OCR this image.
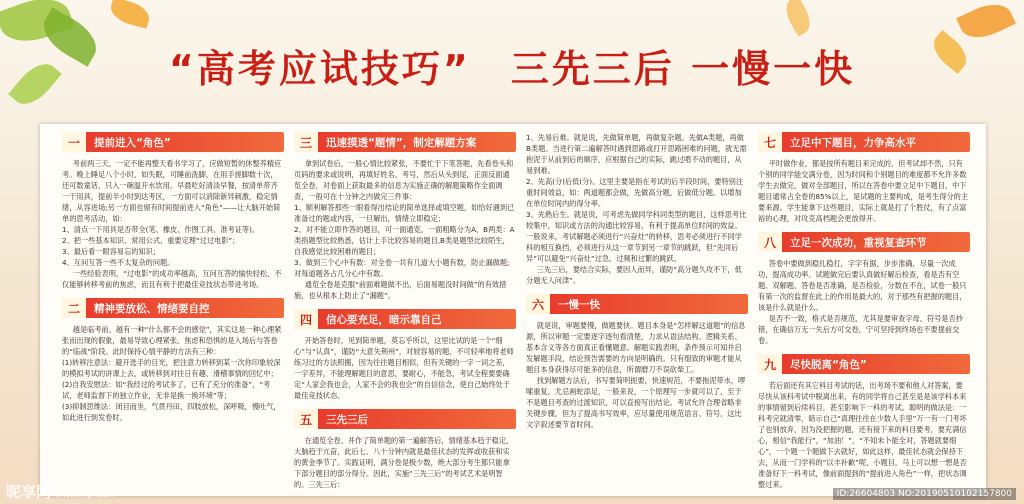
“高考应试技巧” 三先三后 一慢一快
一	提前进入“角色”

考前两三天，一定不能再整天看书学习了，应做短暂的休整养精应考。晚上睡足八个小时，如失眠，可睡前洗脚，在用手搓脚数十次，还可数童话，只入一碗温开水饮用。早晨吃好清淡早餐，按清单带齐一干用具，提前半小时到达考区，一方面可以消除新异刺激，稳定情绪，从容进场;另一方面也留有时间提前进入“角色”——让大脑开始简单的思考活动，如：

1、清点一下用具是否带全(笔、橡皮、作图工具、准考证等)。

2、把一些基本知识、常用公式、重要定理“过过电影”；

3、最后看一眼容易忘的知识；

4、互问互答一些不太复杂的问题。

一些经验表明，“过电影”的成功率越高，互问互答的愉快轻松，不仅能够转移考前的焦虑，而且有利于把最佳竞技状态带进考场。

二	精神要放松、情绪要自控

越是临考前，越有一种“什么都不会的感觉”，其实这是一种心理紧张而出现的假象，最易导致心理紧张、焦虑和恐惧的是入场后与答卷的“临战”阶段。此时保持心情平静的方法有三种：

(1)转移注意法：避开选手的目光，把注意力转移到某一次你印象较深的模拟考试的讲课上去，或转移到对往日有趣、滑稽事情的回忆中；

(2)自我安慰法：如“我经过的考试多了，已有了充分的准备”，“考试，老师监督下的独立作业，无非是换一换环境”等；

(3)抑制思维法：闭目而坐，气贯丹田，四肢放松，深呼吸，慢吐气，如此进行到发卷时。

三	迅速摸透“题情”，制定解题方案

拿到试卷后，一般心情比较紧张，不要忙于下笔答题，先看卷头和页码的要求或说明，再填好姓名、考号，然后从头到尾，正面反面通览全卷，对卷面上获取最多的信息为实施正确的解题策略作全面调查，一般可在十分钟之内做完三件事：

1、顺利解答那些一眼看得出结论的简单选择或填空题，如恰好遇到已准备过的题或内容，一旦解出，情绪立即稳定；

2、对不能立即作答的题目，可一面通览，一面粗略分为A、B两类：A类指题型比较熟悉，估计上手比较容易的题目,B类是题型比较陌生，自我感觉比较困难的题目；

3、做到三个心中有数：对全卷一共有几道大小题有数，防止漏做题;对每道题各占几分心中有数。

通览全卷是克服“前面难题做不出，后面易题没时间做”的有效措施，也从根本上防止了“漏题”。

四	信心要充足，暗示靠自己

开始答卷时，见到简单题，莫忘乎所以，这里比试的是一个“细心”与“认真”，谨防“大意失荆州”，对较容易的题，不可轻率地将老师练习过的方法照搬，因为往往题目相似，但有关键的一字一词之差，一字差异，不能理解题目的意思，要耐心，不能急，考试全程要要确定“人家会我也会，人家不会的我也会”的自信信念，使自己始终处于最佳竞技状态。

五	三先三后

在通览全卷、并作了简单题的第一遍解答后，情绪基本趋于稳定，大脑趋于亢奋，此后七、八十分钟内就是最佳状态的发挥或收获和实的黄金季节了。实践证明，满分卷是极少数，绝大部分考生都只能拿下部分题目的部分得分。因此，实施“三先三后”的考试艺术是明智的。三先三后：

1、先易后难。就是说，先做简单题，再做复杂题。先做A类题，再做B类题。当进行第二遍解答时遇到思路或打开思路困难的问题，就无需抱泥于从前到后的顺序，应根据自己的实际，跳过啃不动的题目，从易到难。

2、先高(分)后低(分)。这里主要是指在考试的后半段时间，要特别注重时间效益，如：两道题都会做，先做高分题，后做低分题。以增加在单位时间内的得分率。

3、先熟后生。就是说，可考虑先做同学科同类型的题目，这样思考比较集中，知识或方法的沟通比较容易，有利于提高单位时间的效益。一般说来，考试解题必须进行“兴奋灶”的转移，思考必须进行不同学科的相互换挡，必须进行从这一章节到另一章节的跳跃，但“先同后异”可以避免“兴奋灶”过急、过频和过繁的跳跃。

三先三后，要结合实际，要因人而异，谨防“高分题久攻不下，低分题无人问津”。

六	一慢一快

就是说，审题要慢，做题要快。题目本身是“怎样解这道题”的信息源，所以审题一定要逐字逐句看清楚，力求从语法结构、逻辑关系、基本含义等各方面真正看懂题意。解题实践表明，条件预示可知并启发解题手段，结论预告需要的方向是明确的。只有细致的审题才能从题目本身获得尽可能多的信息，所谓磨刀不误砍柴工。

找到解题方法后，书写要简明扼要，快速规范，不要拖泥带水，啰嗦重复，尤忌画蛇添足，一般来说，一个原理写一步就可以了，至于不是题目考查的过渡知识，可以直接写出结论。考试允许合理省略非关键步骤，但为了提高书写效率，应尽量使用规范语言、符号，这比文字叙述要节省时间。

七	立足中下题目，力争高水平

平时做作业，都是按所有题目来完成的，但考试却不然，只有个别的同学能交满分卷，因为时间和个别题目的难度都不允许多数学生去做完，做对全部题目，所以在答卷中要立足中下题目，中下题目通常占全卷的85%以上，是试题的主要构成，是考生得分的主要来源。学生能拿下这些题目，实际上就是打了个胜仗，有了点富裕的心理，对攻克高档题会更放得开。

八	立足一次成功，重视复查环节

答卷中要做到稳扎稳打，字字有据，步步准确，尽量一次成功，提高成功率。试题做完后要认真做好解后检查，看是否有空题、双解题，答卷是否准确，是否检验，分数在不在，试卷一般只有第一次的监督在此上的作用是最大的，对于那些有把握的题目，该是什么就是什么。

是否不一致，格式是否规范，尤其是要审查字母、符号是否抄错，在确信万无一失后方可交卷，宁可坚持到终场也不要提前交卷。

九	尽快脱离“角色”

若后面还有其它科目考试的话，出考场不要和他人对答案，要尽快从该科考试中脱离出来，有的同学将自己甚至是是该学科本来的事情留到后续科目，甚至影响下一科的考试。聪明的做法是：一科考完就清零，暗示自己“真理往往在少数人手里”万一有一门考坏了也别放弃，因为没把握的题，还有接下来的科目要考，要充满信心，相信“我能行”，“加油！”，“不知未卜能全对，答题就要细心”，一个题一个题做下去就好，如此这样，最佳状态就会保持下去，从而一门学科的“以丰补歉”呢，小题目，马上可以想一想是否准备好下一科考试，像前面提到的“提前进入角色”一样，把状态调整过来。

昵享网 www.nipic.cn	ID:26604803 NO:20190510102157800
